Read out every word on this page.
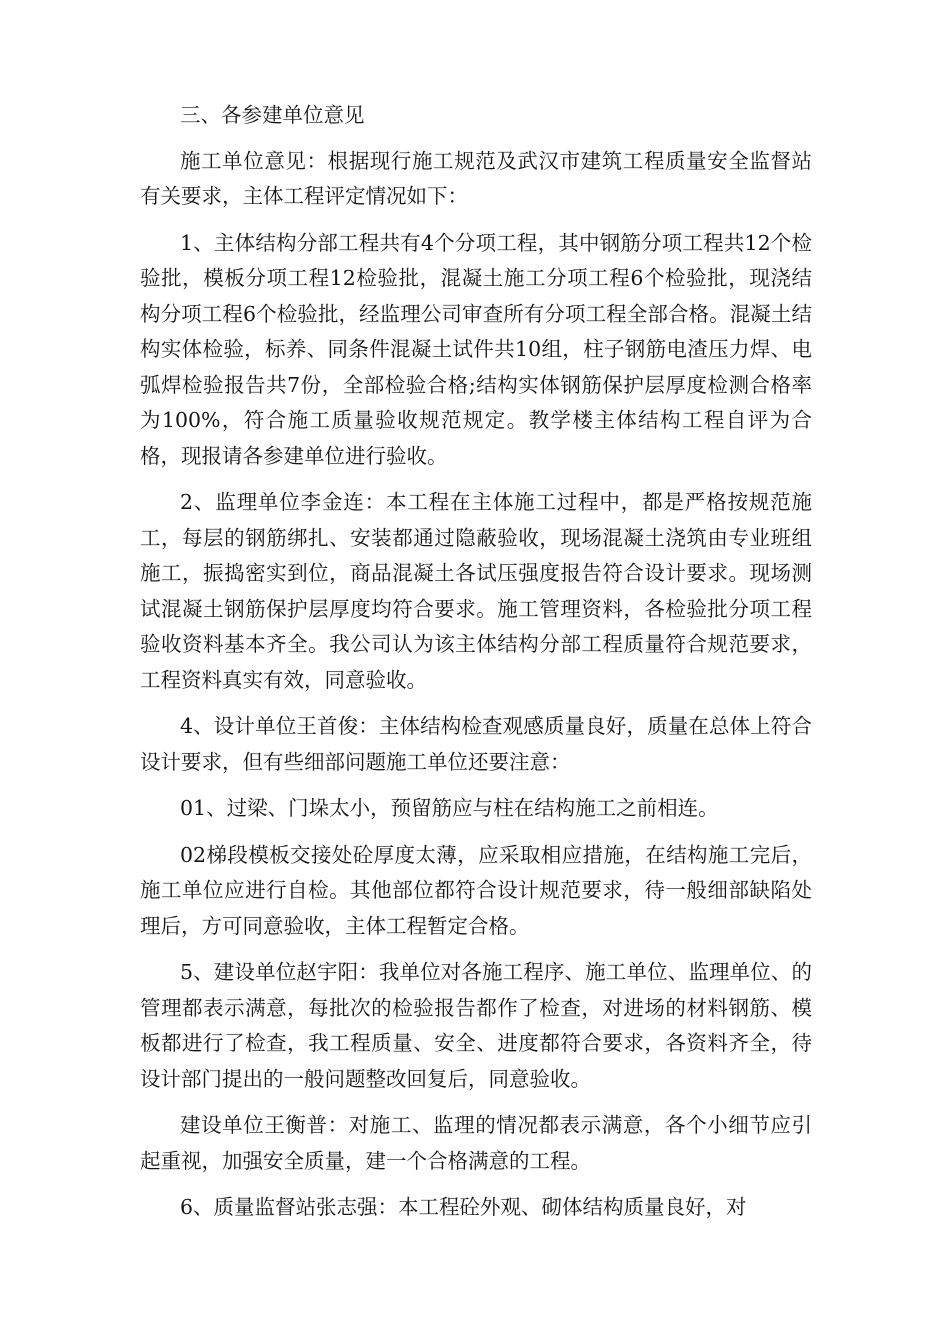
三、各参建单位意见

施工单位意见：根据现行施工规范及武汉市建筑工程质量安全监督站有关要求，主体工程评定情况如下：

1、主体结构分部工程共有4个分项工程，其中钢筋分项工程共12个检验批，模板分项工程12检验批，混凝土施工分项工程6个检验批，现浇结构分项工程6个检验批，经监理公司审查所有分项工程全部合格。混凝土结构实体检验，标养、同条件混凝土试件共10组，柱子钢筋电渣压力焊、电弧焊检验报告共7份，全部检验合格;结构实体钢筋保护层厚度检测合格率为100%，符合施工质量验收规范规定。教学楼主体结构工程自评为合格，现报请各参建单位进行验收。

2、监理单位李金连：本工程在主体施工过程中，都是严格按规范施工，每层的钢筋绑扎、安装都通过隐蔽验收，现场混凝土浇筑由专业班组施工，振捣密实到位，商品混凝土各试压强度报告符合设计要求。现场测试混凝土钢筋保护层厚度均符合要求。施工管理资料，各检验批分项工程验收资料基本齐全。我公司认为该主体结构分部工程质量符合规范要求，工程资料真实有效，同意验收。

4、设计单位王首俊：主体结构检查观感质量良好，质量在总体上符合设计要求，但有些细部问题施工单位还要注意：

01、过梁、门垛太小，预留筋应与柱在结构施工之前相连。

02梯段模板交接处砼厚度太薄，应采取相应措施，在结构施工完后，施工单位应进行自检。其他部位都符合设计规范要求，待一般细部缺陷处理后，方可同意验收，主体工程暂定合格。

5、建设单位赵宇阳：我单位对各施工程序、施工单位、监理单位、的管理都表示满意，每批次的检验报告都作了检查，对进场的材料钢筋、模板都进行了检查，我工程质量、安全、进度都符合要求，各资料齐全，待设计部门提出的一般问题整改回复后，同意验收。

建设单位王衡普：对施工、监理的情况都表示满意，各个小细节应引起重视，加强安全质量，建一个合格满意的工程。

6、质量监督站张志强：本工程砼外观、砌体结构质量良好，对
